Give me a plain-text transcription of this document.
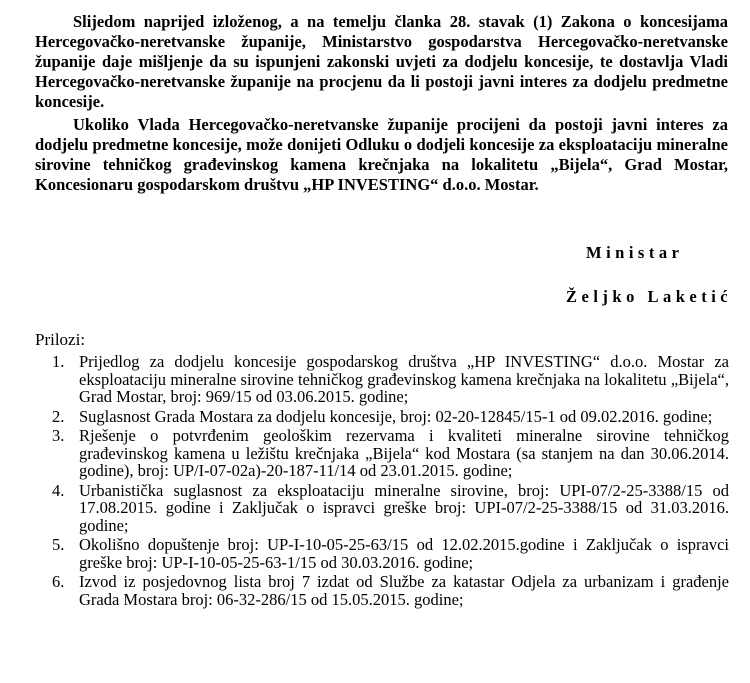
Slijedom naprijed izloženog, a na temelju članka 28. stavak (1) Zakona o koncesijama Hercegovačko-neretvanske županije, Ministarstvo gospodarstva Hercegovačko-neretvanske županije daje mišljenje da su ispunjeni zakonski uvjeti za dodjelu koncesije, te dostavlja Vladi Hercegovačko-neretvanske županije na procjenu da li postoji javni interes za dodjelu predmetne koncesije.

Ukoliko Vlada Hercegovačko-neretvanske županije procijeni da postoji javni interes za dodjelu predmetne koncesije, može donijeti Odluku o dodjeli koncesije za eksploataciju mineralne sirovine tehničkog građevinskog kamena krečnjaka na lokalitetu „Bijela“, Grad Mostar, Koncesionaru gospodarskom društvu „HP INVESTING“ d.o.o. Mostar.

Ministar
Željko Laketić
Prilozi:
1. Prijedlog za dodjelu koncesije gospodarskog društva „HP INVESTING“ d.o.o. Mostar za eksploataciju mineralne sirovine tehničkog građevinskog kamena krečnjaka na lokalitetu „Bijela“, Grad Mostar, broj: 969/15 od 03.06.2015. godine;
2. Suglasnost Grada Mostara za dodjelu koncesije, broj: 02-20-12845/15-1 od 09.02.2016. godine;
3. Rješenje o potvrđenim geološkim rezervama i kvaliteti mineralne sirovine tehničkog građevinskog kamena u ležištu krečnjaka „Bijela“ kod Mostara (sa stanjem na dan 30.06.2014. godine), broj: UP/I-07-02a)-20-187-11/14 od 23.01.2015. godine;
4. Urbanistička suglasnost za eksploataciju mineralne sirovine, broj: UPI-07/2-25-3388/15 od 17.08.2015. godine i Zaključak o ispravci greške broj: UPI-07/2-25-3388/15 od 31.03.2016. godine;
5. Okolišno dopuštenje broj: UP-I-10-05-25-63/15 od 12.02.2015.godine i Zaključak o ispravci greške broj: UP-I-10-05-25-63-1/15 od 30.03.2016. godine;
6. Izvod iz posjedovnog lista broj 7 izdat od Službe za katastar Odjela za urbanizam i građenje Grada Mostara broj: 06-32-286/15 od 15.05.2015. godine;
